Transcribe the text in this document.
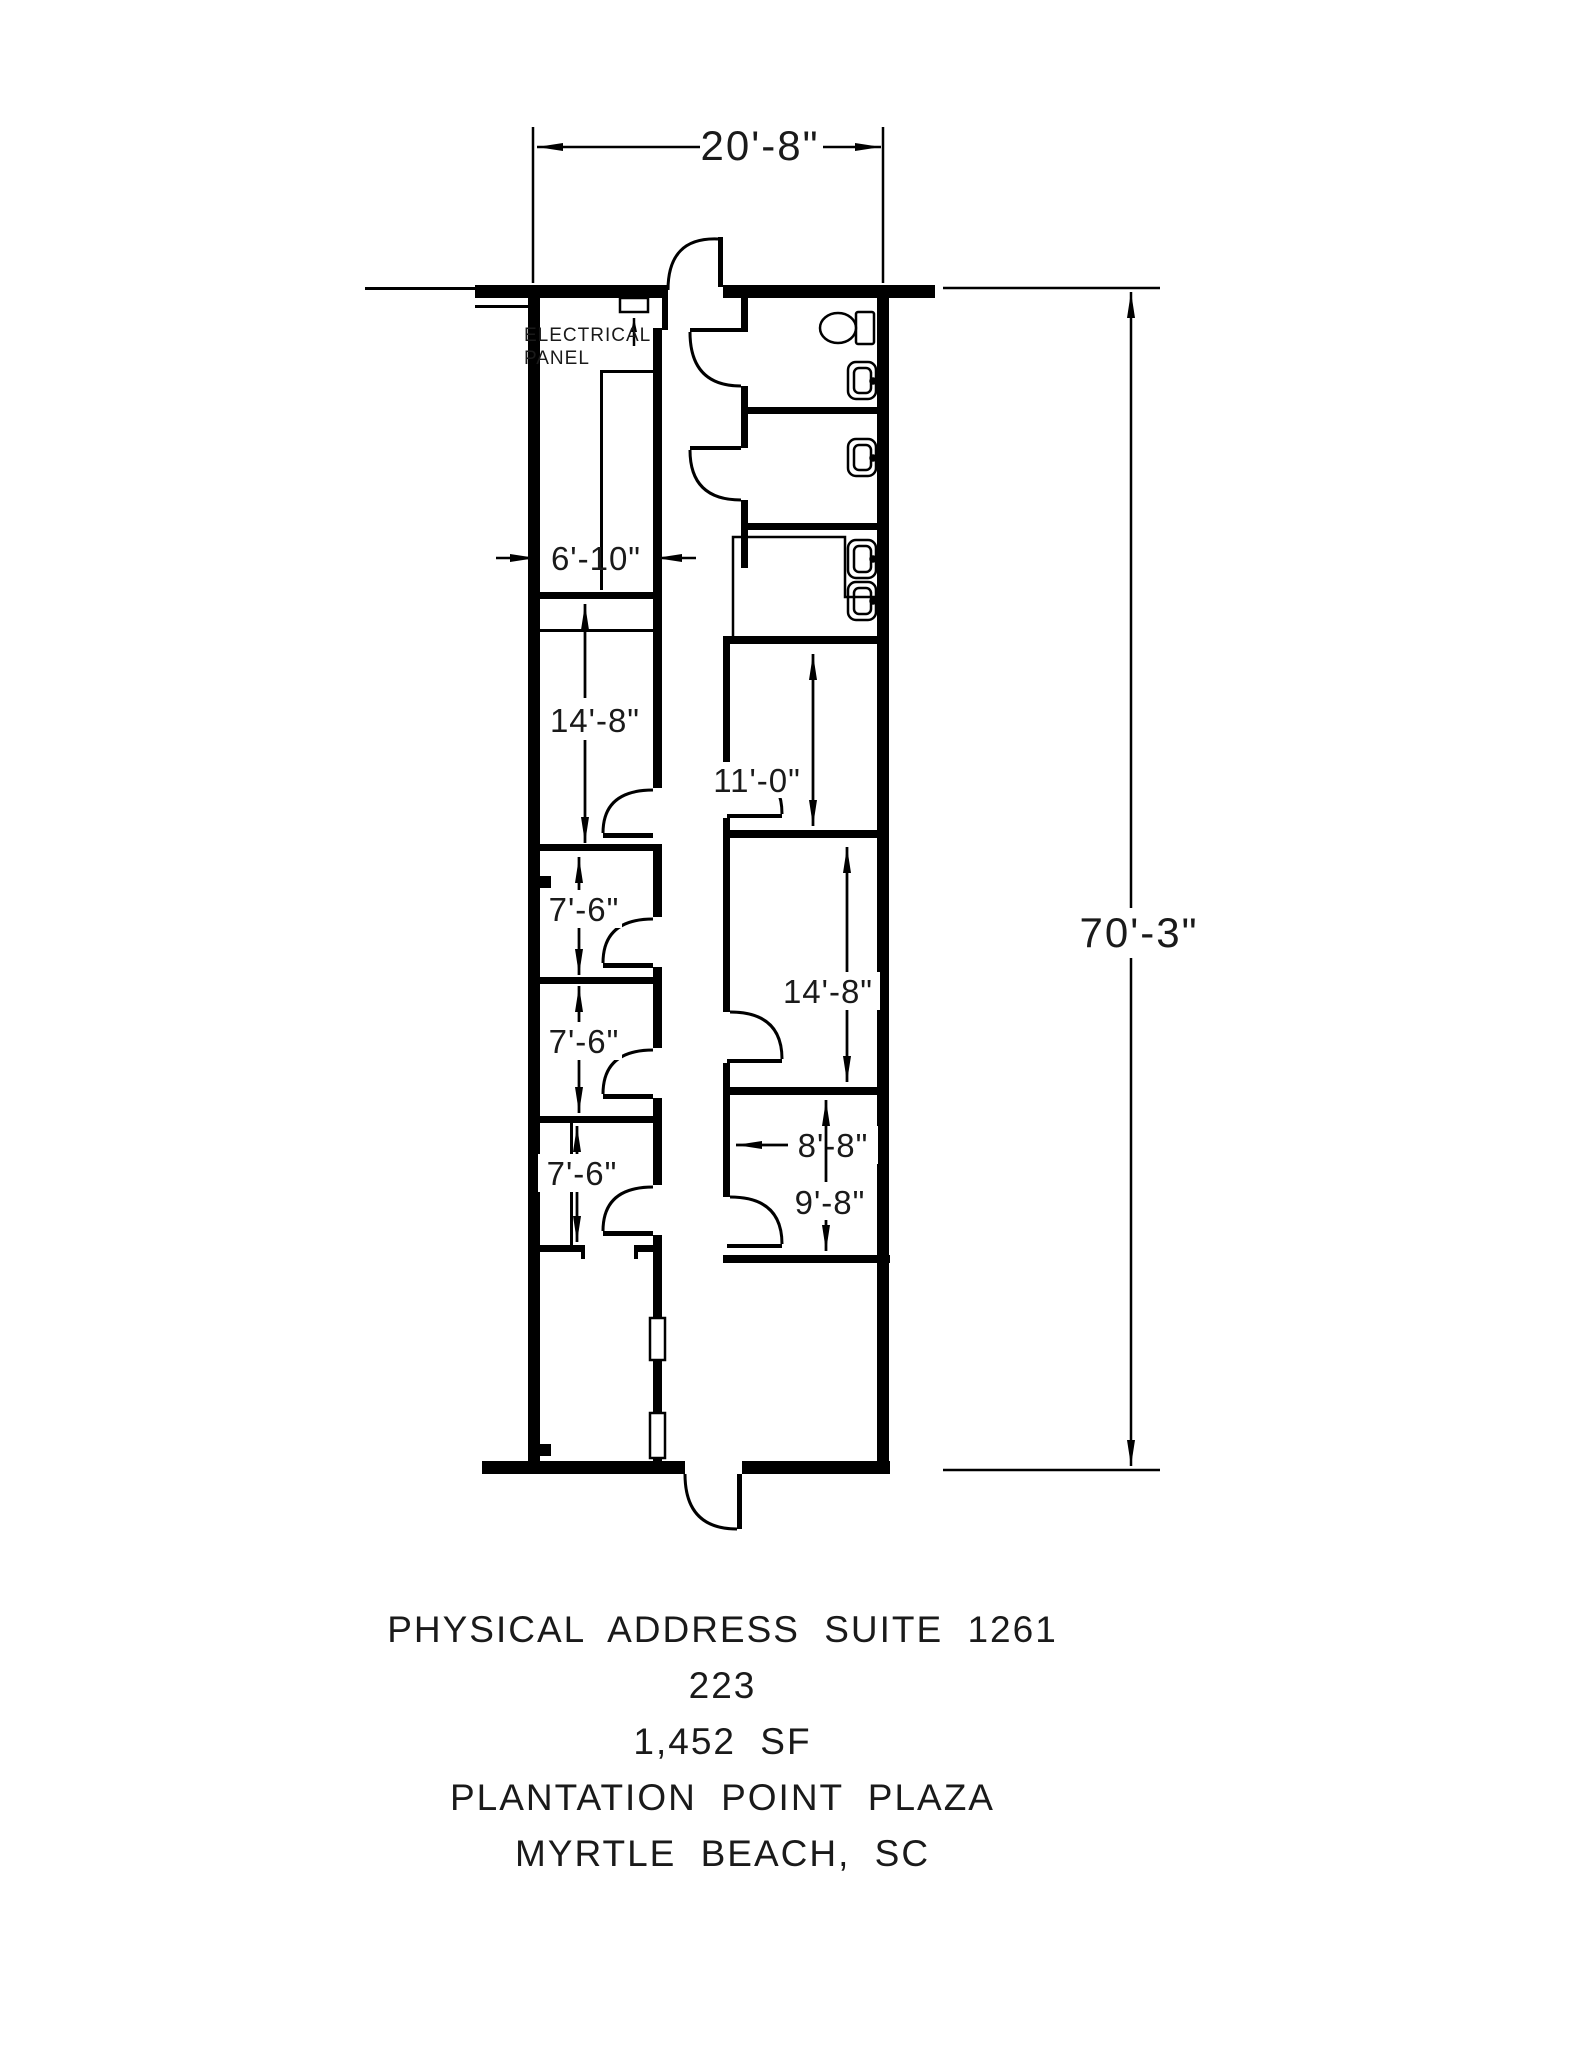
ELECTRICAL
PANEL
20'-8"
70'-3"
6'-10"
14'-8"
7'-6"
7'-6"
7'-6"
11'-0"
14'-8"
8'-8"
9'-8"
PHYSICAL ADDRESS SUITE 1261
223
1,452 SF
PLANTATION POINT PLAZA
MYRTLE BEACH, SC
